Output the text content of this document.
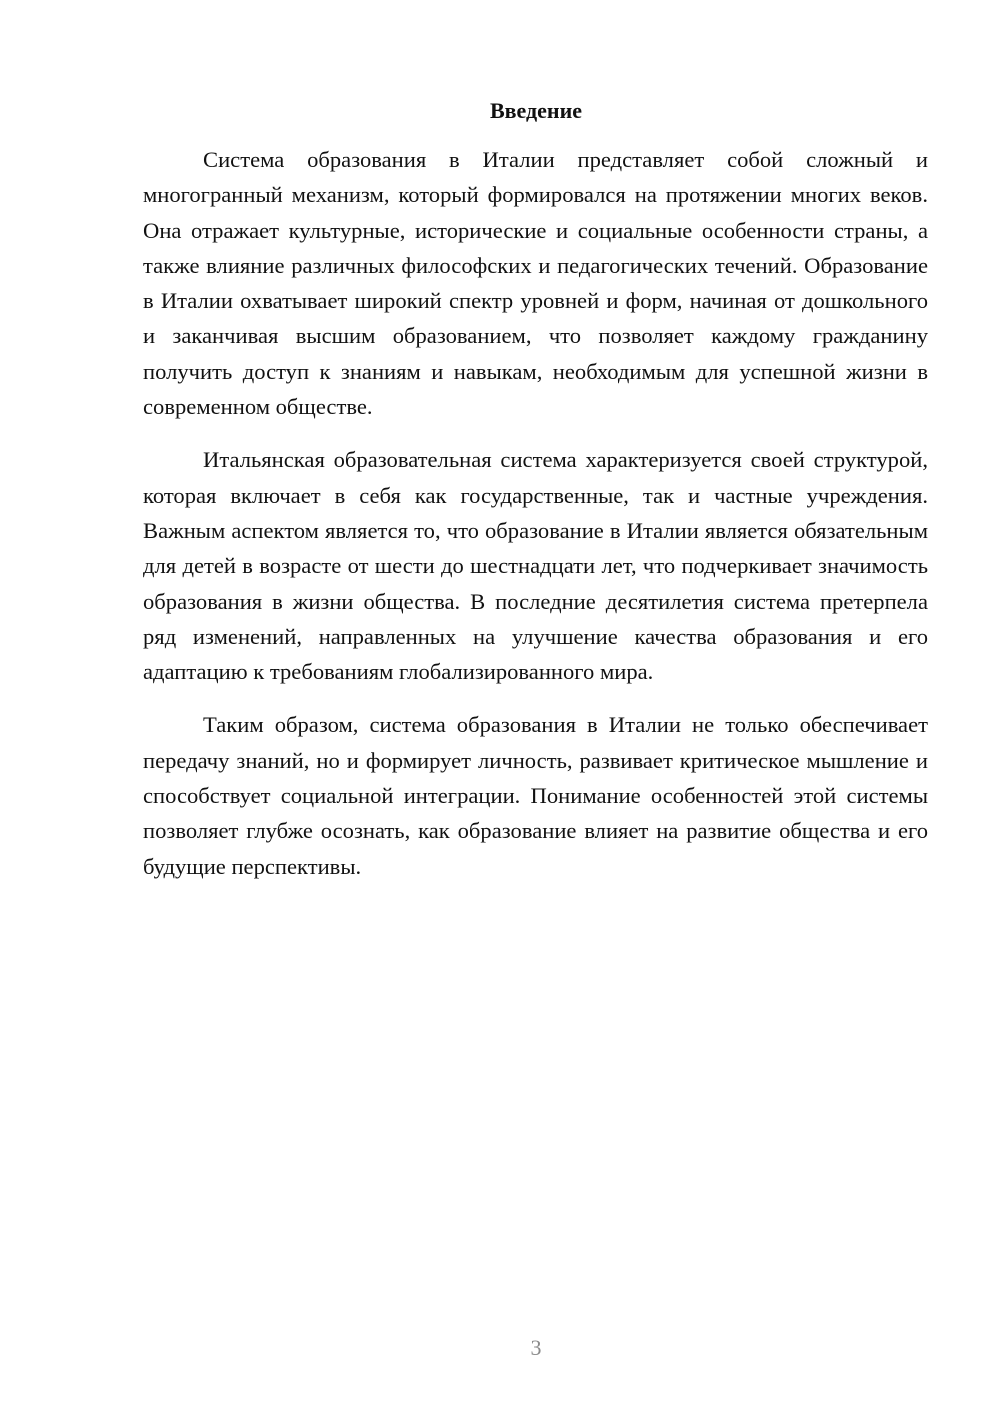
Введение

Система образования в Италии представляет собой сложный и многогранный механизм, который формировался на протяжении многих веков. Она отражает культурные, исторические и социальные особенности страны, а также влияние различных философских и педагогических течений. Образование в Италии охватывает широкий спектр уровней и форм, начиная от дошкольного и заканчивая высшим образованием, что позволяет каждому гражданину получить доступ к знаниям и навыкам, необходимым для успешной жизни в современном обществе.

Итальянская образовательная система характеризуется своей структурой, которая включает в себя как государственные, так и частные учреждения. Важным аспектом является то, что образование в Италии является обязательным для детей в возрасте от шести до шестнадцати лет, что подчеркивает значимость образования в жизни общества. В последние десятилетия система претерпела ряд изменений, направленных на улучшение качества образования и его адаптацию к требованиям глобализированного мира.

Таким образом, система образования в Италии не только обеспечивает передачу знаний, но и формирует личность, развивает критическое мышление и способствует социальной интеграции. Понимание особенностей этой системы позволяет глубже осознать, как образование влияет на развитие общества и его будущие перспективы.

3
